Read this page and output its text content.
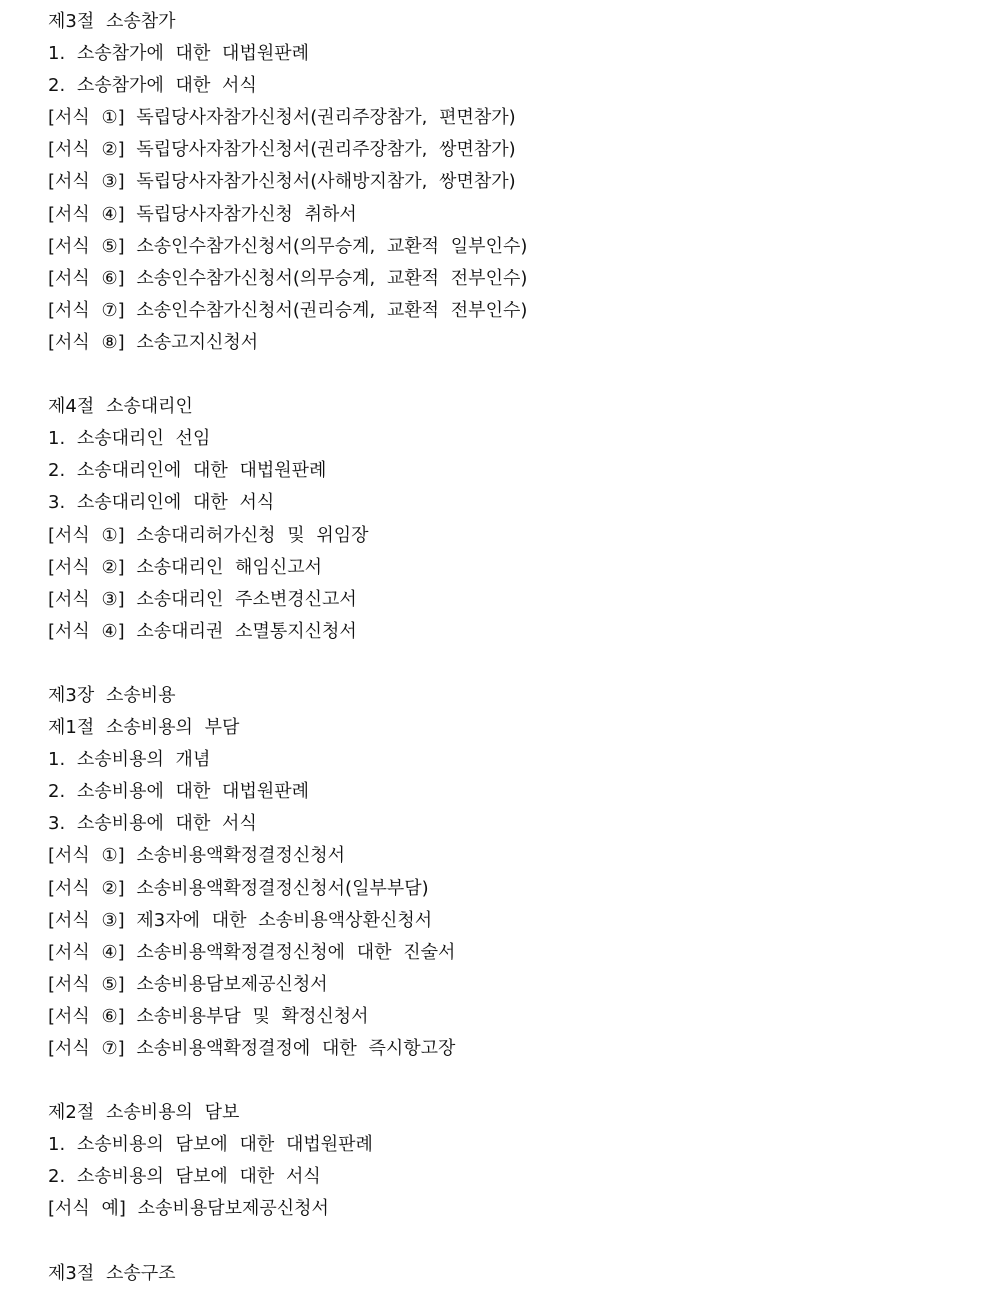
제3절 소송참가
1. 소송참가에 대한 대법원판례
2. 소송참가에 대한 서식
[서식 ①] 독립당사자참가신청서(권리주장참가, 편면참가)
[서식 ②] 독립당사자참가신청서(권리주장참가, 쌍면참가)
[서식 ③] 독립당사자참가신청서(사해방지참가, 쌍면참가)
[서식 ④] 독립당사자참가신청 취하서
[서식 ⑤] 소송인수참가신청서(의무승계, 교환적 일부인수)
[서식 ⑥] 소송인수참가신청서(의무승계, 교환적 전부인수)
[서식 ⑦] 소송인수참가신청서(권리승계, 교환적 전부인수)
[서식 ⑧] 소송고지신청서
제4절 소송대리인
1. 소송대리인 선임
2. 소송대리인에 대한 대법원판례
3. 소송대리인에 대한 서식
[서식 ①] 소송대리허가신청 및 위임장
[서식 ②] 소송대리인 해임신고서
[서식 ③] 소송대리인 주소변경신고서
[서식 ④] 소송대리권 소멸통지신청서
제3장 소송비용
제1절 소송비용의 부담
1. 소송비용의 개념
2. 소송비용에 대한 대법원판례
3. 소송비용에 대한 서식
[서식 ①] 소송비용액확정결정신청서
[서식 ②] 소송비용액확정결정신청서(일부부담)
[서식 ③] 제3자에 대한 소송비용액상환신청서
[서식 ④] 소송비용액확정결정신청에 대한 진술서
[서식 ⑤] 소송비용담보제공신청서
[서식 ⑥] 소송비용부담 및 확정신청서
[서식 ⑦] 소송비용액확정결정에 대한 즉시항고장
제2절 소송비용의 담보
1. 소송비용의 담보에 대한 대법원판례
2. 소송비용의 담보에 대한 서식
[서식 예] 소송비용담보제공신청서
제3절 소송구조
